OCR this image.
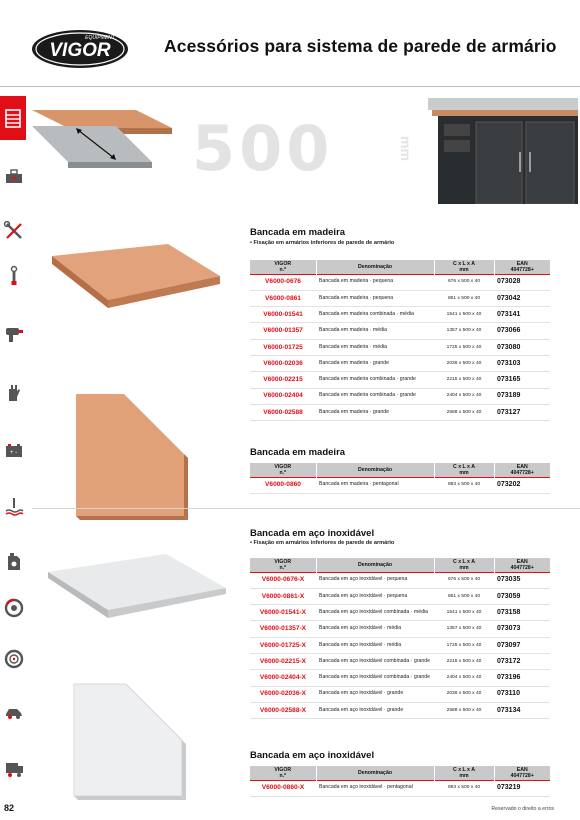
VIGOR
EQUIPMENT	Acessórios para sistema de parede de armário
+ -
500	mm
Bancada em madeira
• Fixação em armários inferiores de parede de armário
VIGOR
n.º	Denominação	C x L x A
mm	EAN
4047728+
V6000-0676	Bancada em madeira · pequena	676 x 500 x 40	073028
V6000-0861	Bancada em madeira · pequena	861 x 500 x 40	073042
V6000-01541	Bancada em madeira combinada · média	1541 x 500 x 40	073141
V6000-01357	Bancada em madeira · média	1357 x 500 x 40	073066
V6000-01725	Bancada em madeira · média	1725 x 500 x 40	073080
V6000-02036	Bancada em madeira · grande	2036 x 500 x 40	073103
V6000-02215	Bancada em madeira combinada · grande	2215 x 500 x 40	073165
V6000-02404	Bancada em madeira combinada · grande	2404 x 500 x 40	073189
V6000-02588	Bancada em madeira · grande	2588 x 500 x 40	073127
Bancada em madeira
VIGOR
n.º	Denominação	C x L x A
mm	EAN
4047728+
V6000-0860	Bancada em madeira · pentagonal	883 x 500 x 40	073202
Bancada em aço inoxidável
• Fixação em armários inferiores de parede de armário
VIGOR
n.º	Denominação	C x L x A
mm	EAN
4047728+
V6000-0676-X	Bancada em aço inoxidável · pequena	676 x 500 x 40	073035
V6000-0861-X	Bancada em aço inoxidável · pequena	861 x 500 x 40	073059
V6000-01541-X	Bancada em aço inoxidável combinada · média	1541 x 500 x 40	073158
V6000-01357-X	Bancada em aço inoxidável · média	1357 x 500 x 40	073073
V6000-01725-X	Bancada em aço inoxidável · média	1725 x 500 x 40	073097
V6000-02215-X	Bancada em aço inoxidável combinada · grande	2215 x 500 x 40	073172
V6000-02404-X	Bancada em aço inoxidável combinada · grande	2404 x 500 x 40	073196
V6000-02036-X	Bancada em aço inoxidável · grande	2036 x 500 x 40	073110
V6000-02588-X	Bancada em aço inoxidável · grande	2588 x 500 x 40	073134
Bancada em aço inoxidável
VIGOR
n.º	Denominação	C x L x A
mm	EAN
4047728+
V6000-0860-X	Bancada em aço inoxidável · pentagonal	883 x 500 x 40	073219
82	Reservado o direito a erros
